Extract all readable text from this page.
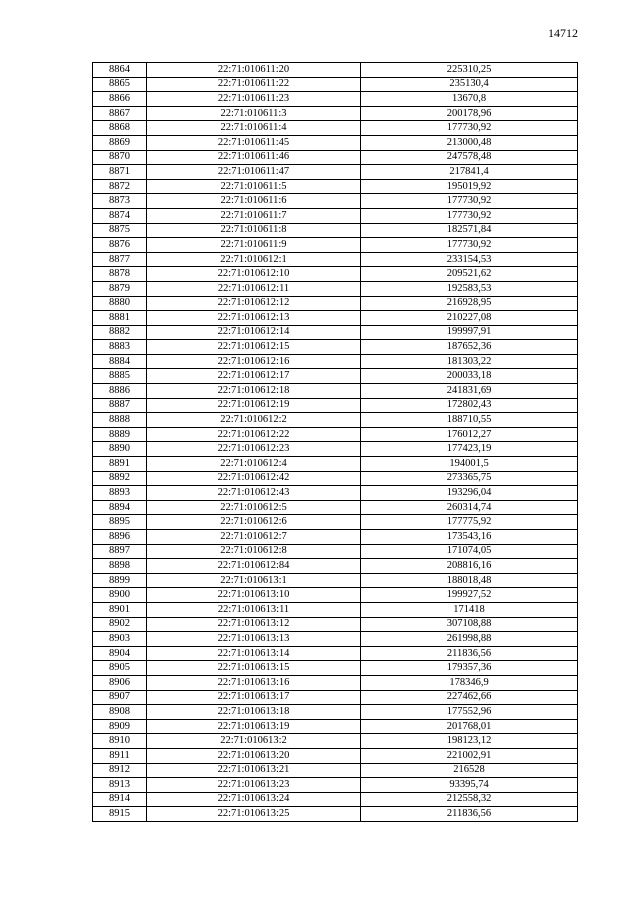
14712
8864	22:71:010611:20	225310,25
8865	22:71:010611:22	235130,4
8866	22:71:010611:23	13670,8
8867	22:71:010611:3	200178,96
8868	22:71:010611:4	177730,92
8869	22:71:010611:45	213000,48
8870	22:71:010611:46	247578,48
8871	22:71:010611:47	217841,4
8872	22:71:010611:5	195019,92
8873	22:71:010611:6	177730,92
8874	22:71:010611:7	177730,92
8875	22:71:010611:8	182571,84
8876	22:71:010611:9	177730,92
8877	22:71:010612:1	233154,53
8878	22:71:010612:10	209521,62
8879	22:71:010612:11	192583,53
8880	22:71:010612:12	216928,95
8881	22:71:010612:13	210227,08
8882	22:71:010612:14	199997,91
8883	22:71:010612:15	187652,36
8884	22:71:010612:16	181303,22
8885	22:71:010612:17	200033,18
8886	22:71:010612:18	241831,69
8887	22:71:010612:19	172802,43
8888	22:71:010612:2	188710,55
8889	22:71:010612:22	176012,27
8890	22:71:010612:23	177423,19
8891	22:71:010612:4	194001,5
8892	22:71:010612:42	273365,75
8893	22:71:010612:43	193296,04
8894	22:71:010612:5	260314,74
8895	22:71:010612:6	177775,92
8896	22:71:010612:7	173543,16
8897	22:71:010612:8	171074,05
8898	22:71:010612:84	208816,16
8899	22:71:010613:1	188018,48
8900	22:71:010613:10	199927,52
8901	22:71:010613:11	171418
8902	22:71:010613:12	307108,88
8903	22:71:010613:13	261998,88
8904	22:71:010613:14	211836,56
8905	22:71:010613:15	179357,36
8906	22:71:010613:16	178346,9
8907	22:71:010613:17	227462,66
8908	22:71:010613:18	177552,96
8909	22:71:010613:19	201768,01
8910	22:71:010613:2	198123,12
8911	22:71:010613:20	221002,91
8912	22:71:010613:21	216528
8913	22:71:010613:23	93395,74
8914	22:71:010613:24	212558,32
8915	22:71:010613:25	211836,56
